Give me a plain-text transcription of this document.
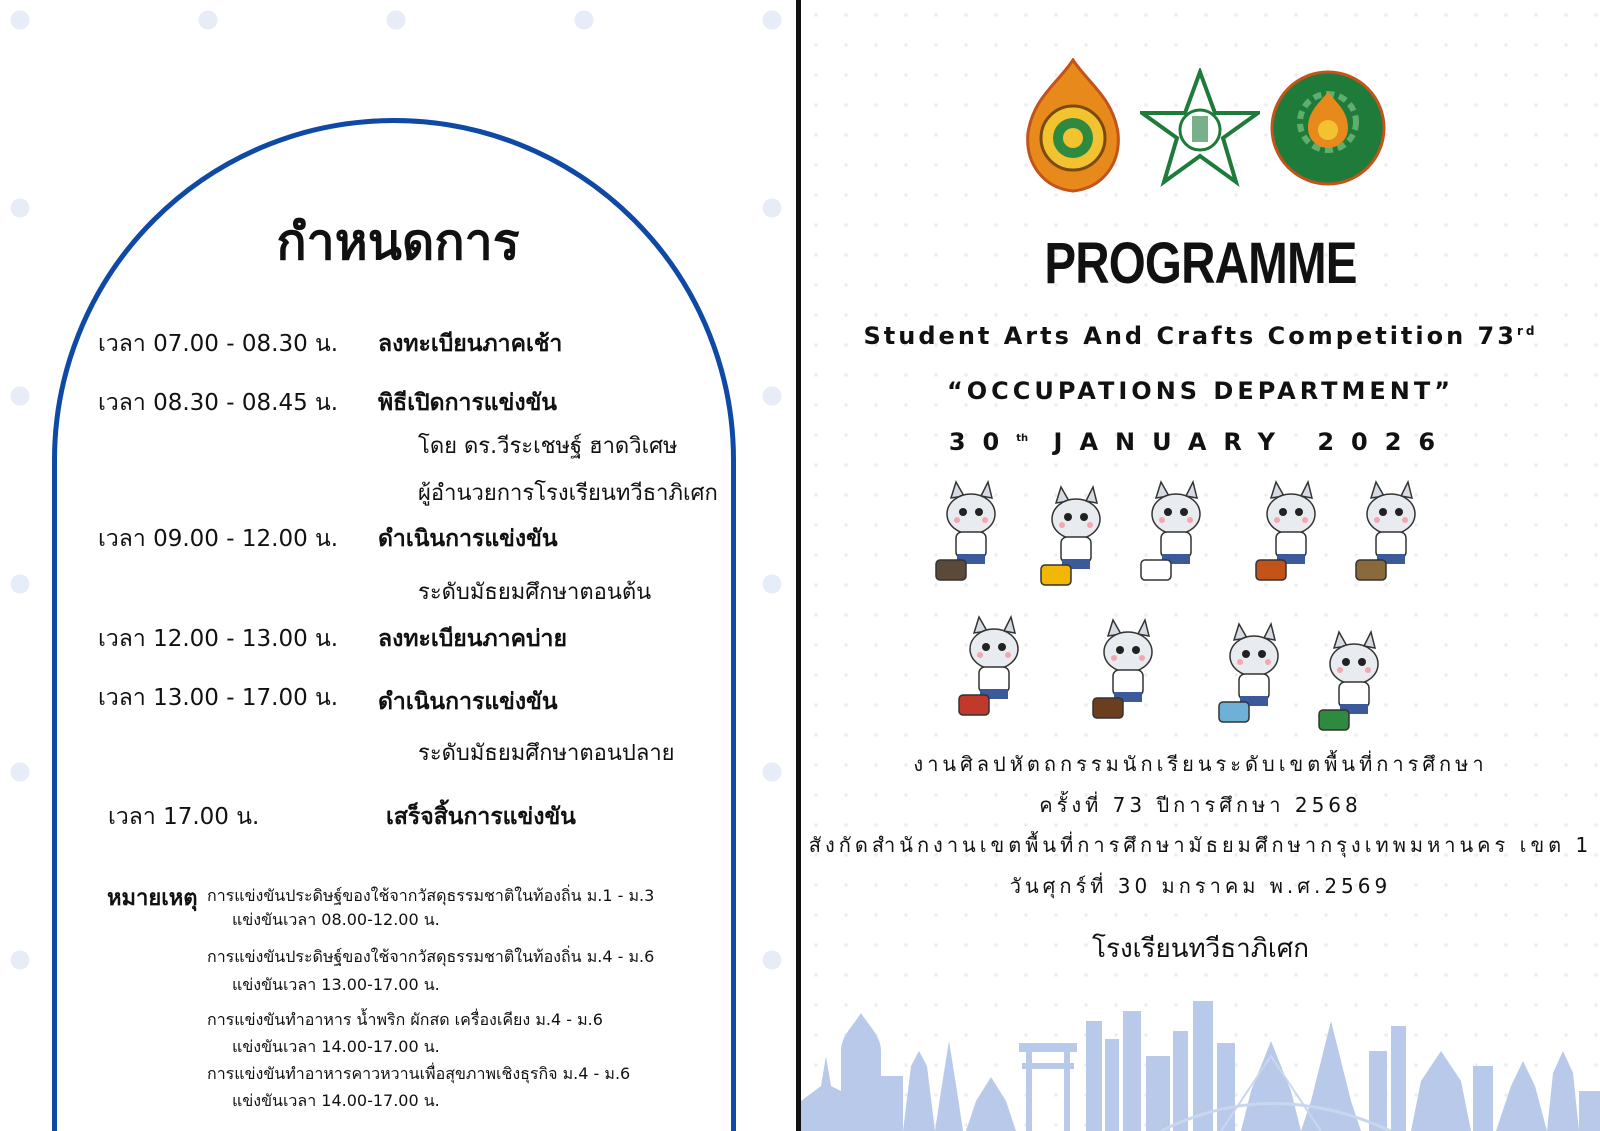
กำหนดการ
เวลา 07.00 - 08.30 น. ลงทะเบียนภาคเช้า
เวลา 08.30 - 08.45 น. พิธีเปิดการแข่งขัน
โดย ดร.วีระเชษฐ์ ฮาดวิเศษ
ผู้อำนวยการโรงเรียนทวีธาภิเศก
เวลา 09.00 - 12.00 น. ดำเนินการแข่งขัน
ระดับมัธยมศึกษาตอนต้น
เวลา 12.00 - 13.00 น. ลงทะเบียนภาคบ่าย
เวลา 13.00 - 17.00 น. ดำเนินการแข่งขัน
ระดับมัธยมศึกษาตอนปลาย
เวลา 17.00 น.	เสร็จสิ้นการแข่งขัน
หมายเหตุ การแข่งขันประดิษฐ์ของใช้จากวัสดุธรรมชาติในท้องถิ่น ม.1 - ม.3
แข่งขันเวลา 08.00-12.00 น.
การแข่งขันประดิษฐ์ของใช้จากวัสดุธรรมชาติในท้องถิ่น ม.4 - ม.6
แข่งขันเวลา 13.00-17.00 น.
การแข่งขันทำอาหาร น้ำพริก ผักสด เครื่องเคียง ม.4 - ม.6
แข่งขันเวลา 14.00-17.00 น.
การแข่งขันทำอาหารคาวหวานเพื่อสุขภาพเชิงธุรกิจ ม.4 - ม.6
แข่งขันเวลา 14.00-17.00 น.
PROGRAMME
Student Arts And Crafts Competition 73rd
“OCCUPATIONS DEPARTMENT”
30th JANUARY 2026
งานศิลปหัตถกรรมนักเรียนระดับเขตพื้นที่การศึกษา
ครั้งที่ 73 ปีการศึกษา 2568
สังกัดสำนักงานเขตพื้นที่การศึกษามัธยมศึกษากรุงเทพมหานคร เขต 1
วันศุกร์ที่ 30 มกราคม พ.ศ.2569
โรงเรียนทวีธาภิเศก
